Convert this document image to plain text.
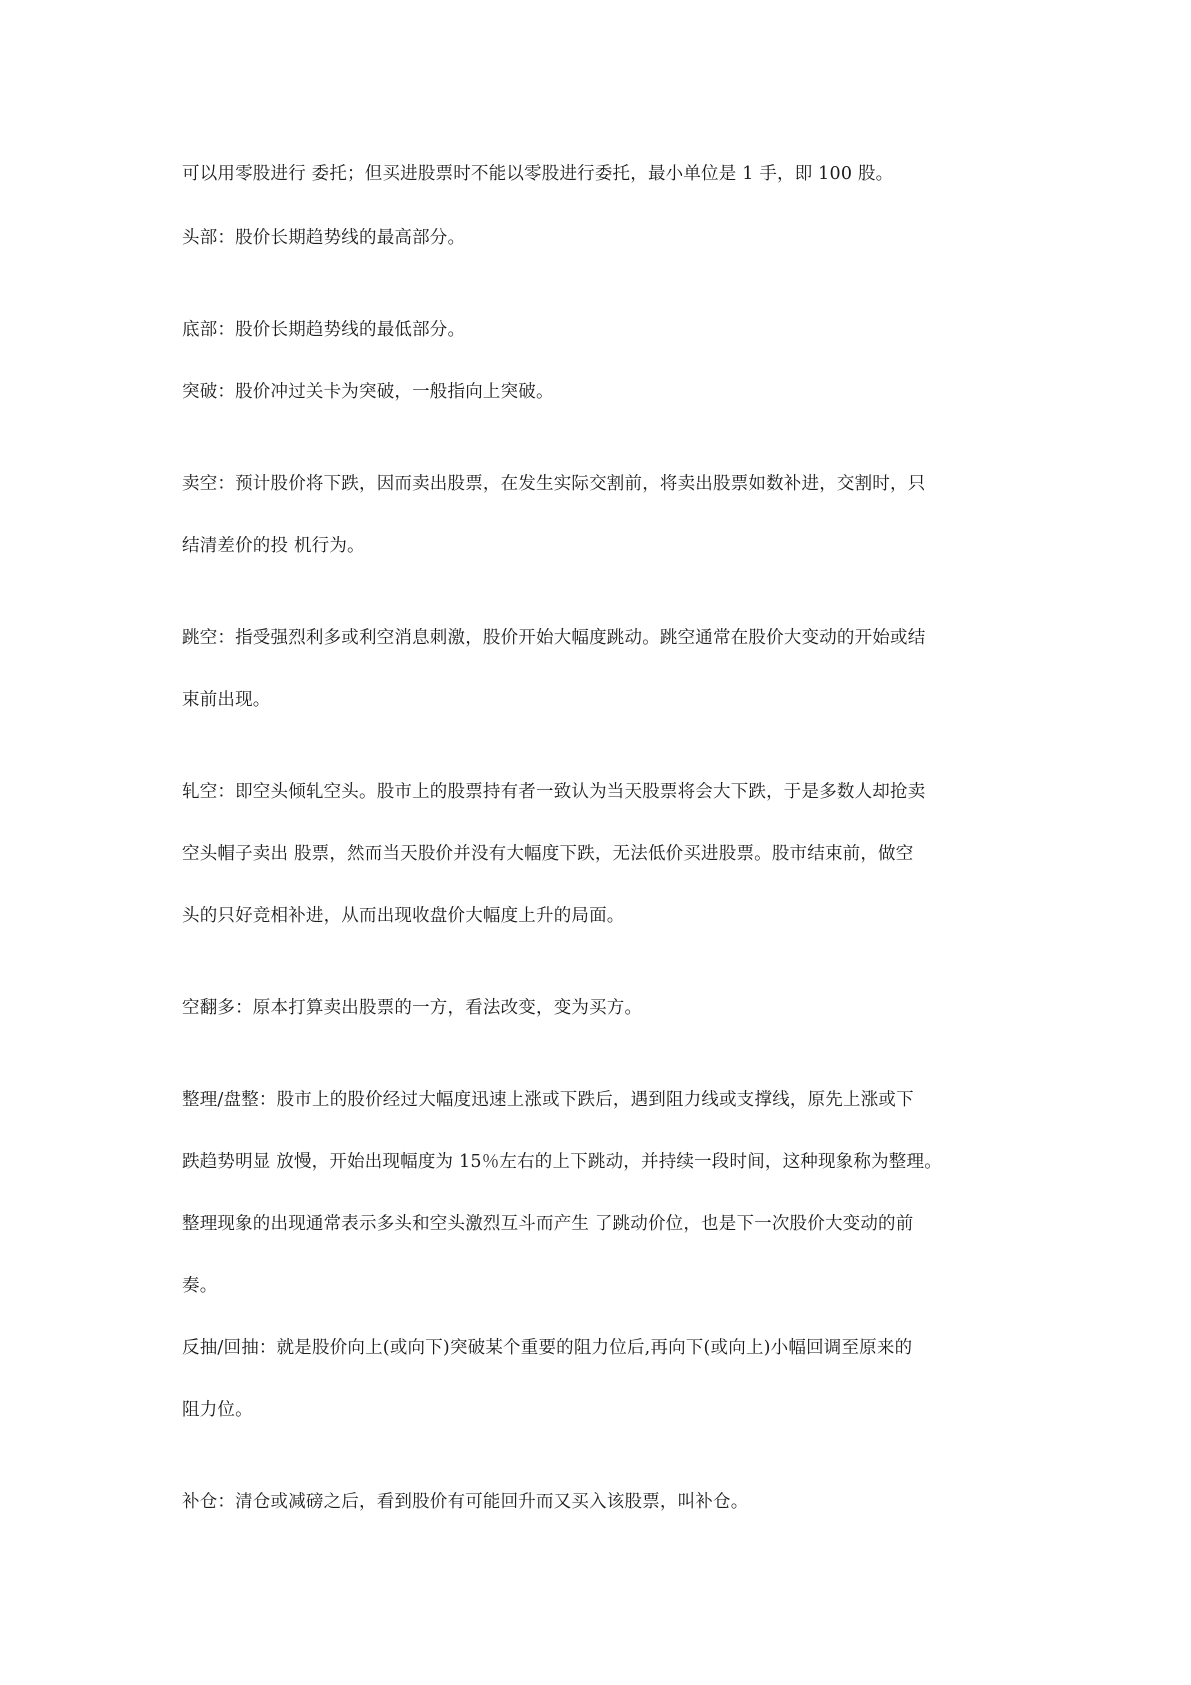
可以用零股进行 委托；但买进股票时不能以零股进行委托，最小单位是 1 手，即 100 股。
头部：股价长期趋势线的最高部分。
底部：股价长期趋势线的最低部分。
突破：股价冲过关卡为突破，一般指向上突破。
卖空：预计股价将下跌，因而卖出股票，在发生实际交割前，将卖出股票如数补进，交割时，只
结清差价的投 机行为。
跳空：指受强烈利多或利空消息刺激，股价开始大幅度跳动。跳空通常在股价大变动的开始或结
束前出现。
轧空：即空头倾轧空头。股市上的股票持有者一致认为当天股票将会大下跌，于是多数人却抢卖
空头帽子卖出 股票，然而当天股价并没有大幅度下跌，无法低价买进股票。股市结束前，做空
头的只好竞相补进，从而出现收盘价大幅度上升的局面。
空翻多：原本打算卖出股票的一方，看法改变，变为买方。
整理/盘整：股市上的股价经过大幅度迅速上涨或下跌后，遇到阻力线或支撑线，原先上涨或下
跌趋势明显 放慢，开始出现幅度为 15％左右的上下跳动，并持续一段时间，这种现象称为整理。
整理现象的出现通常表示多头和空头激烈互斗而产生 了跳动价位，也是下一次股价大变动的前
奏。
反抽/回抽：就是股价向上(或向下)突破某个重要的阻力位后,再向下(或向上)小幅回调至原来的
阻力位。
补仓：清仓或减磅之后，看到股价有可能回升而又买入该股票，叫补仓。
